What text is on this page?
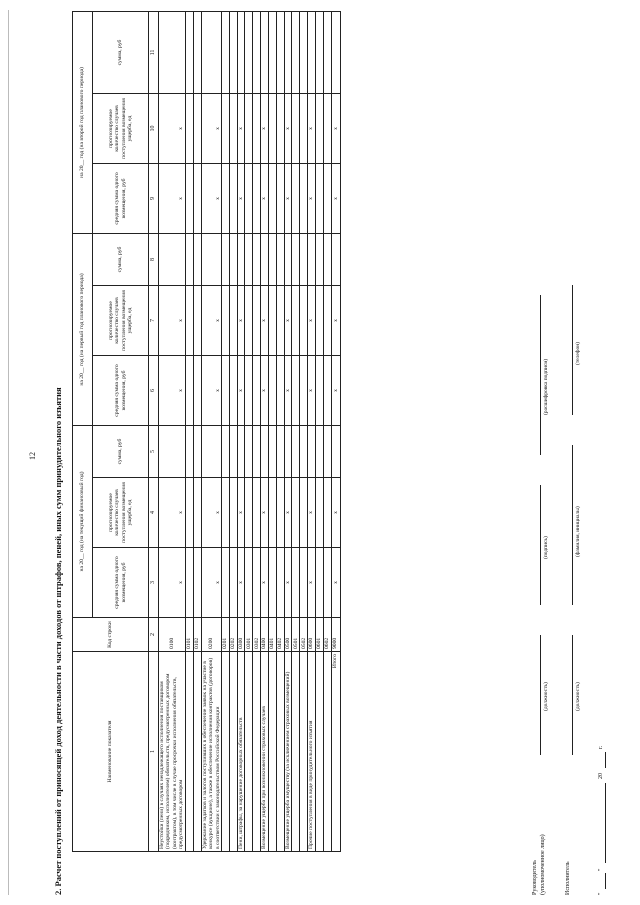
12 2. Расчет поступлений от приносящей доход деятельности в части доходов от штрафов, пеней, иных сумм принудительного изъятия	Наименование показателя	Код строки	на 20__ год (на текущий финансовый год)			на 20__ год (на первый год планового периода)			на 20__ год (на второй год планового периода)		
		средняя сумма одного возмещения, руб	прогнозируемое количество случаев поступления возмещения ущерба, ед	сумма, руб	средняя сумма одного возмещения, руб	прогнозируемое количество случаев поступления возмещения ущерба, ед	сумма, руб	средняя сумма одного возмещения, руб	прогнозируемое количество случаев поступления возмещения ущерба, ед	сумма, руб
1	2	3	4	5	6	7	8	9	10	11
Неустойки (пени) в случаях ненадлежащего исполнения поставщиком (подрядчиком, исполнителем) обязательств, предусмотренных договором (контрактом), в том числе в случае просрочки исполнения обязательств, предусмотренных договором	0100	x	x		x	x		x	x	
	0101									
	0102									
Удержание задатков и залогов поступивших в обеспечение заявок на участие в конкурсе (аукционе), а также в обеспечение исполнения контрактов (договоров) в соответствии с законодательством Российской Федерации	0200	x	x		x	x		x	x	
	0201									
	0202									
Пени, штрафы, за нарушение договорных обязательств	0300	x	x		x	x		x	x	
	0301									
	0302									
Возмещение ущерба при возникновении страховых случаев	0400	x	x		x	x		x	x	
	0401									
	0402									
Возмещение ущерба имуществу (за исключением страховых возмещений)	0500	x	x		x	x		x	x	
	0501									
	0502									
Прочие поступления в виде принудительного изъятия	0600	x	x		x	x		x	x	
	0601									
	0602									
Итого	9000	x	x		x	x		x	x	
Руководитель (уполномоченное лицо)
(должность)
(подпись)
(расшифровка подписи)
Исполнитель
(должность)
(фамилия, инициалы)
(телефон)
"
"
20
г.
